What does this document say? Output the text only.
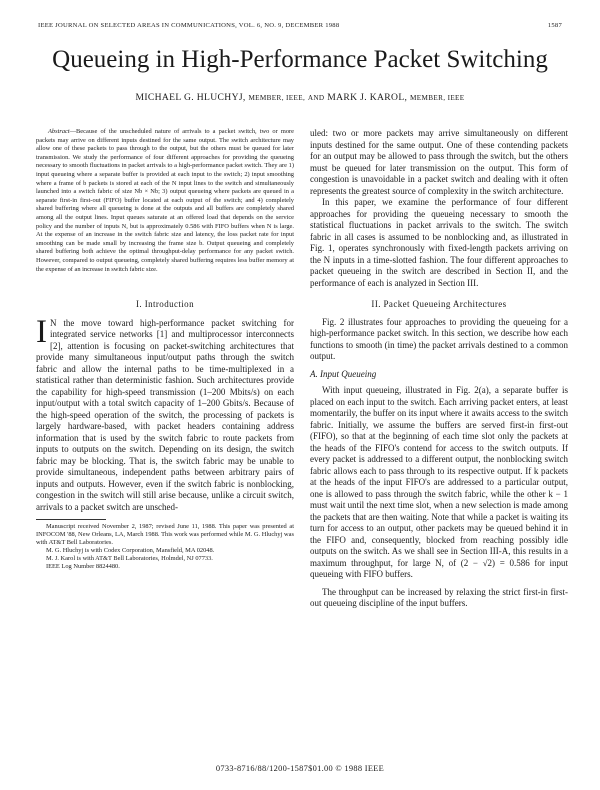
IEEE JOURNAL ON SELECTED AREAS IN COMMUNICATIONS, VOL. 6, NO. 9, DECEMBER 1988	1587
Queueing in High-Performance Packet Switching
MICHAEL G. HLUCHYJ, MEMBER, IEEE, AND MARK J. KAROL, MEMBER, IEEE

Abstract—Because of the unscheduled nature of arrivals to a packet switch, two or more packets may arrive on different inputs destined for the same output. The switch architecture may allow one of these packets to pass through to the output, but the others must be queued for later transmission. We study the performance of four different approaches for providing the queueing necessary to smooth fluctuations in packet arrivals to a high-performance packet switch. They are 1) input queueing where a separate buffer is provided at each input to the switch; 2) input smoothing where a frame of b packets is stored at each of the N input lines to the switch and simultaneously launched into a switch fabric of size Nb × Nb; 3) output queueing where packets are queued in a separate first-in first-out (FIFO) buffer located at each output of the switch; and 4) completely shared buffering where all queueing is done at the outputs and all buffers are completely shared among all the output lines. Input queues saturate at an offered load that depends on the service policy and the number of inputs N, but is approximately 0.586 with FIFO buffers when N is large. At the expense of an increase in the switch fabric size and latency, the loss packet rate for input smoothing can be made small by increasing the frame size b. Output queueing and completely shared buffering both achieve the optimal throughput-delay performance for any packet switch. However, compared to output queueing, completely shared buffering requires less buffer memory at the expense of an increase in switch fabric size.

I. Introduction

I N the move toward high-performance packet switching for integrated service networks [1] and multiprocessor interconnects [2], attention is focusing on packet-switching architectures that provide many simultaneous input/output paths through the switch fabric and allow the internal paths to be time-multiplexed in a statistical rather than deterministic fashion. Such architectures provide the capability for high-speed transmission (1–200 Mbits/s) on each input/output with a total switch capacity of 1–200 Gbits/s. Because of the high-speed operation of the switch, the processing of packets is largely hardware-based, with packet headers containing address information that is used by the switch fabric to route packets from inputs to outputs on the switch. Depending on its design, the switch fabric may be blocking. That is, the switch fabric may be unable to provide simultaneous, independent paths between arbitrary pairs of inputs and outputs. However, even if the switch fabric is nonblocking, congestion in the switch will still arise because, unlike a circuit switch, arrivals to a packet switch are unsched-

Manuscript received November 2, 1987; revised June 11, 1988. This paper was presented at INFOCOM '88, New Orleans, LA, March 1988. This work was performed while M. G. Hluchyj was with AT&T Bell Laboratories.

M. G. Hluchyj is with Codex Corporation, Mansfield, MA 02048.

M. J. Karol is with AT&T Bell Laboratories, Holmdel, NJ 07733.

IEEE Log Number 8824480.

uled: two or more packets may arrive simultaneously on different inputs destined for the same output. One of these contending packets for an output may be allowed to pass through the switch, but the others must be queued for later transmission on the output. This form of congestion is unavoidable in a packet switch and dealing with it often represents the greatest source of complexity in the switch architecture.

In this paper, we examine the performance of four different approaches for providing the queueing necessary to smooth the statistical fluctuations in packet arrivals to the switch. The switch fabric in all cases is assumed to be nonblocking and, as illustrated in Fig. 1, operates synchronously with fixed-length packets arriving on the N inputs in a time-slotted fashion. The four different approaches to packet queueing in the switch are described in Section II, and the performance of each is analyzed in Section III.

II. Packet Queueing Architectures

Fig. 2 illustrates four approaches to providing the queueing for a high-performance packet switch. In this section, we describe how each functions to smooth (in time) the packet arrivals destined to a common output.

A. Input Queueing

With input queueing, illustrated in Fig. 2(a), a separate buffer is placed on each input to the switch. Each arriving packet enters, at least momentarily, the buffer on its input where it awaits access to the switch fabric. Initially, we assume the buffers are served first-in first-out (FIFO), so that at the beginning of each time slot only the packets at the heads of the FIFO's contend for access to the switch outputs. If every packet is addressed to a different output, the nonblocking switch fabric allows each to pass through to its respective output. If k packets at the heads of the input FIFO's are addressed to a particular output, one is allowed to pass through the switch fabric, while the other k − 1 must wait until the next time slot, when a new selection is made among the packets that are then waiting. Note that while a packet is waiting its turn for access to an output, other packets may be queued behind it in the FIFO and, consequently, blocked from reaching possibly idle outputs on the switch. As we shall see in Section III-A, this results in a maximum throughput, for large N, of (2 − √2) = 0.586 for input queueing with FIFO buffers.

The throughput can be increased by relaxing the strict first-in first-out queueing discipline of the input buffers.

0733-8716/88/1200-1587$01.00 © 1988 IEEE
